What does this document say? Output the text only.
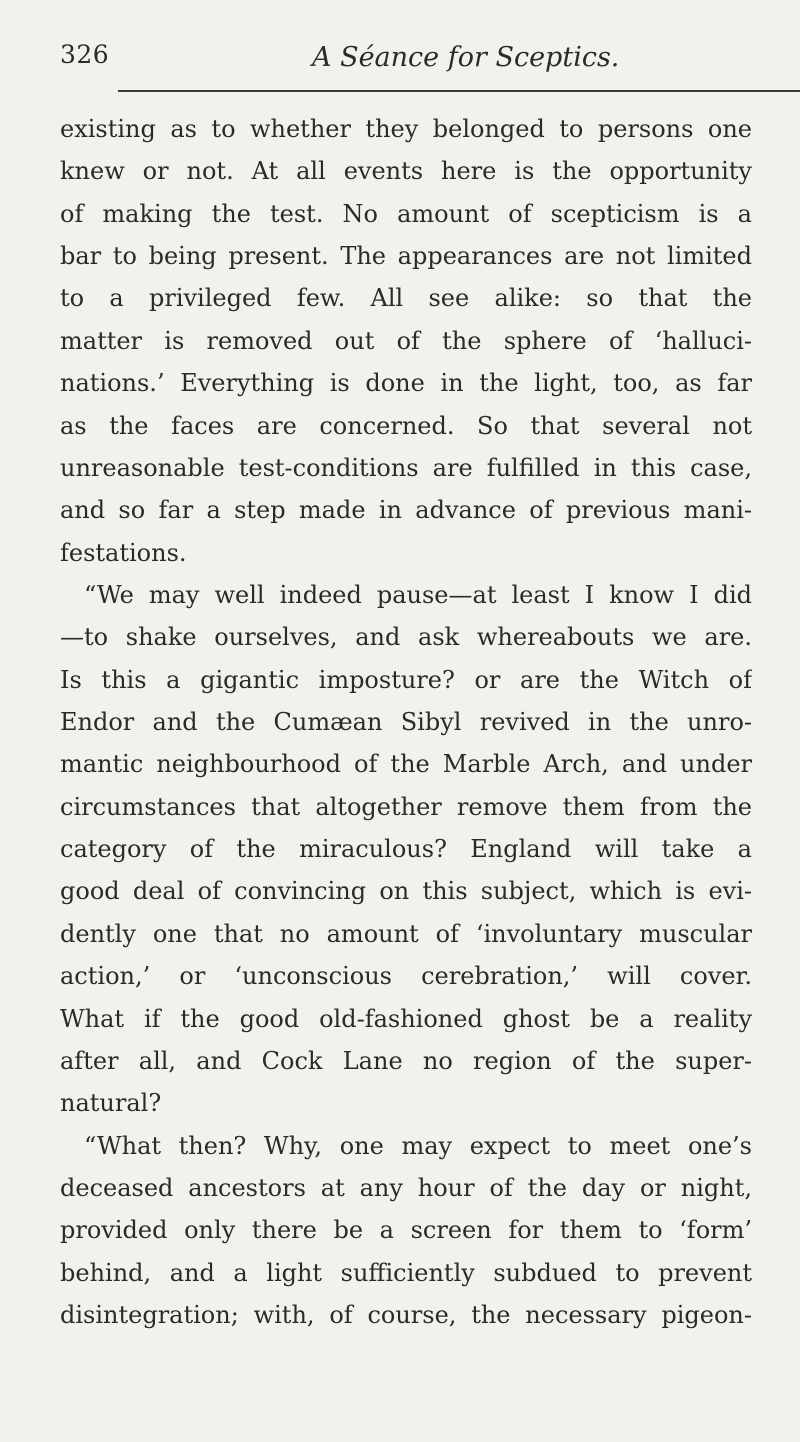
326	A Séance for Sceptics.
existing as to whether they belonged to persons one
knew or not. At all events here is the opportunity
of making the test. No amount of scepticism is a
bar to being present. The appearances are not limited
to a privileged few. All see alike: so that the
matter is removed out of the sphere of ‘halluci-
nations.’ Everything is done in the light, too, as far
as the faces are concerned. So that several not
unreasonable test-conditions are fulfilled in this case,
and so far a step made in advance of previous mani-
festations.
“We may well indeed pause—at least I know I did
—to shake ourselves, and ask whereabouts we are.
Is this a gigantic imposture? or are the Witch of
Endor and the Cumæan Sibyl revived in the unro-
mantic neighbourhood of the Marble Arch, and under
circumstances that altogether remove them from the
category of the miraculous? England will take a
good deal of convincing on this subject, which is evi-
dently one that no amount of ‘involuntary muscular
action,’ or ‘unconscious cerebration,’ will cover.
What if the good old-fashioned ghost be a reality
after all, and Cock Lane no region of the super-
natural?
“What then? Why, one may expect to meet one’s
deceased ancestors at any hour of the day or night,
provided only there be a screen for them to ‘form’
behind, and a light sufficiently subdued to prevent
disintegration; with, of course, the necessary pigeon-
